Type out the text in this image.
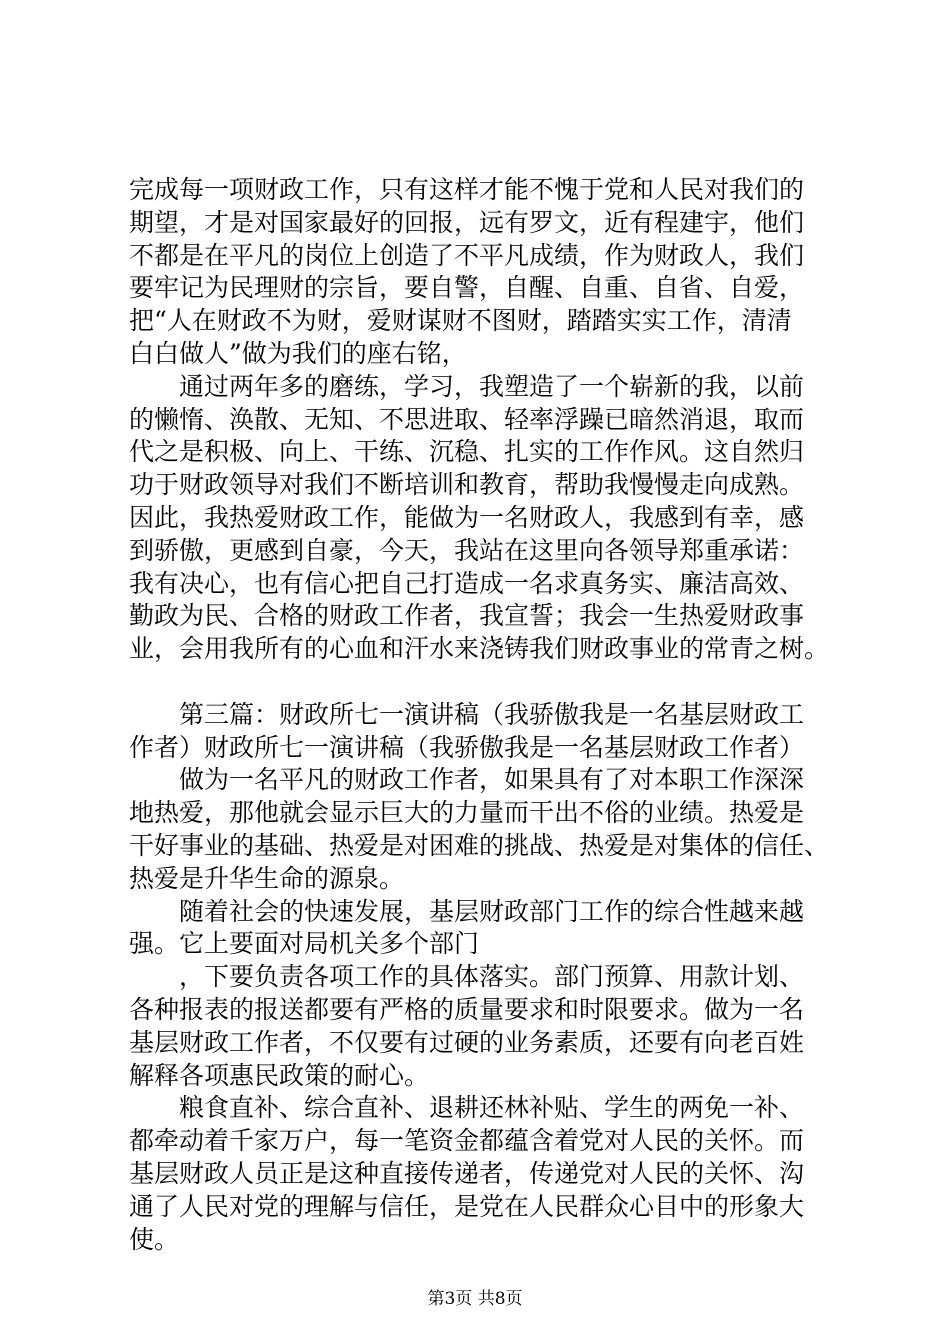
完成每一项财政工作，只有这样才能不愧于党和人民对我们的
期望，才是对国家最好的回报，远有罗文，近有程建宇，他们
不都是在平凡的岗位上创造了不平凡成绩，作为财政人，我们
要牢记为民理财的宗旨，要自警，自醒、自重、自省、自爱，
把“人在财政不为财，爱财谋财不图财，踏踏实实工作，清清
白白做人”做为我们的座右铭，
通过两年多的磨练，学习，我塑造了一个崭新的我，以前
的懒惰、涣散、无知、不思进取、轻率浮躁已暗然消退，取而
代之是积极、向上、干练、沉稳、扎实的工作作风。这自然归
功于财政领导对我们不断培训和教育，帮助我慢慢走向成熟。
因此，我热爱财政工作，能做为一名财政人，我感到有幸，感
到骄傲，更感到自豪，今天，我站在这里向各领导郑重承诺：
我有决心，也有信心把自己打造成一名求真务实、廉洁高效、
勤政为民、合格的财政工作者，我宣誓；我会一生热爱财政事
业，会用我所有的心血和汗水来浇铸我们财政事业的常青之树。
第三篇：财政所七一演讲稿（我骄傲我是一名基层财政工
作者）财政所七一演讲稿（我骄傲我是一名基层财政工作者）
做为一名平凡的财政工作者，如果具有了对本职工作深深
地热爱，那他就会显示巨大的力量而干出不俗的业绩。热爱是
干好事业的基础、热爱是对困难的挑战、热爱是对集体的信任、
热爱是升华生命的源泉。
随着社会的快速发展，基层财政部门工作的综合性越来越
强。它上要面对局机关多个部门
，下要负责各项工作的具体落实。部门预算、用款计划、
各种报表的报送都要有严格的质量要求和时限要求。做为一名
基层财政工作者，不仅要有过硬的业务素质，还要有向老百姓
解释各项惠民政策的耐心。
粮食直补、综合直补、退耕还林补贴、学生的两免一补、
都牵动着千家万户，每一笔资金都蕴含着党对人民的关怀。而
基层财政人员正是这种直接传递者，传递党对人民的关怀、沟
通了人民对党的理解与信任，是党在人民群众心目中的形象大
使。
第3页 共8页
